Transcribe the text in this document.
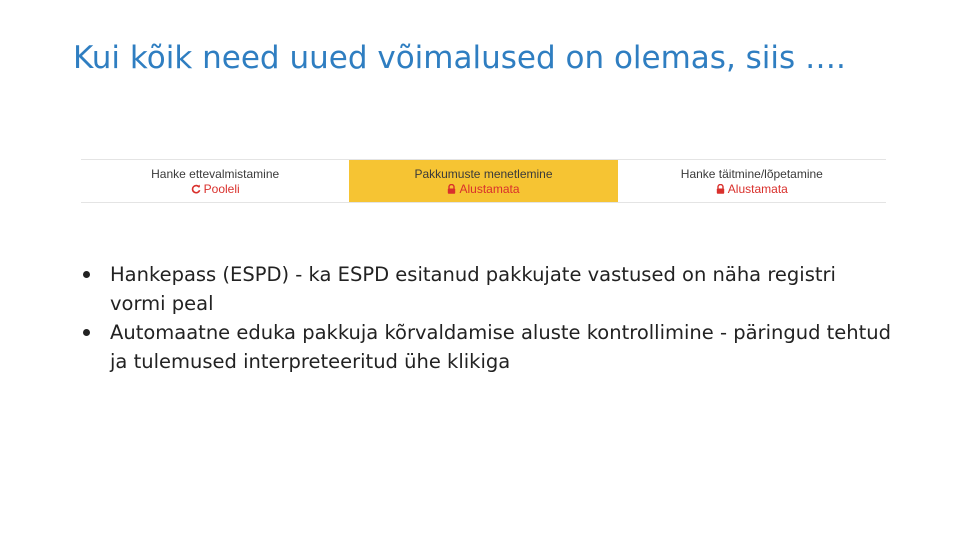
Kui kõik need uued võimalused on olemas, siis ….
Hanke ettevalmistamine
Pooleli
Pakkumuste menetlemine
Alustamata
Hanke täitmine/lõpetamine
Alustamata
Hankepass (ESPD) - ka ESPD esitanud pakkujate vastused on näha registri vormi peal
Automaatne eduka pakkuja kõrvaldamise aluste kontrollimine - päringud tehtud ja tulemused interpreteeritud ühe klikiga
